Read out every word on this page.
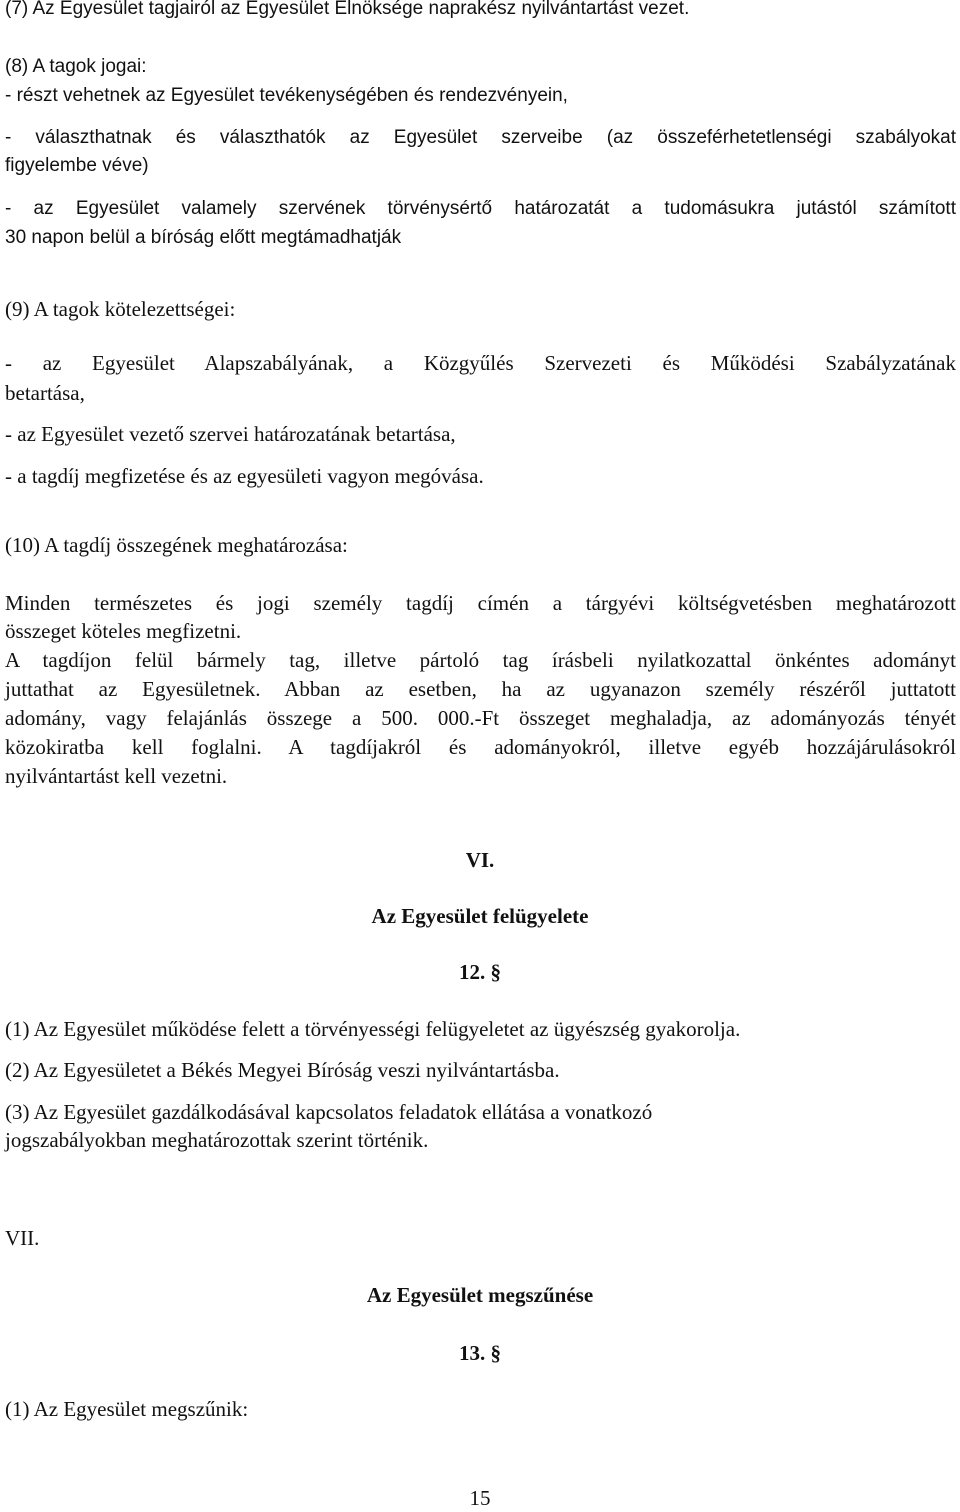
(7) Az Egyesület tagjairól az Egyesület Elnöksége naprakész nyilvántartást vezet.
(8) A tagok jogai:
- részt vehetnek az Egyesület tevékenységében és rendezvényein,
- választhatnak és választhatók az Egyesület szerveibe (az összeférhetetlenségi szabályokat
figyelembe véve)
- az Egyesület valamely szervének törvénysértő határozatát a tudomásukra jutástól számított
30 napon belül a bíróság előtt megtámadhatják
(9) A tagok kötelezettségei:
- az Egyesület Alapszabályának, a Közgyűlés Szervezeti és Működési Szabályzatának
betartása,
- az Egyesület vezető szervei határozatának betartása,
- a tagdíj megfizetése és az egyesületi vagyon megóvása.
(10) A tagdíj összegének meghatározása:
Minden természetes és jogi személy tagdíj címén a tárgyévi költségvetésben meghatározott
összeget köteles megfizetni.
A tagdíjon felül bármely tag, illetve pártoló tag írásbeli nyilatkozattal önkéntes adományt
juttathat az Egyesületnek. Abban az esetben, ha az ugyanazon személy részéről juttatott
adomány, vagy felajánlás összege a 500. 000.-Ft összeget meghaladja, az adományozás tényét
közokiratba kell foglalni. A tagdíjakról és adományokról, illetve egyéb hozzájárulásokról
nyilvántartást kell vezetni.
VI.
Az Egyesület felügyelete
12. §
(1) Az Egyesület működése felett a törvényességi felügyeletet az ügyészség gyakorolja.
(2) Az Egyesületet a Békés Megyei Bíróság veszi nyilvántartásba.
(3) Az Egyesület gazdálkodásával kapcsolatos feladatok ellátása a vonatkozó
jogszabályokban meghatározottak szerint történik.
VII.
Az Egyesület megszűnése
13. §
(1) Az Egyesület megszűnik:
15
